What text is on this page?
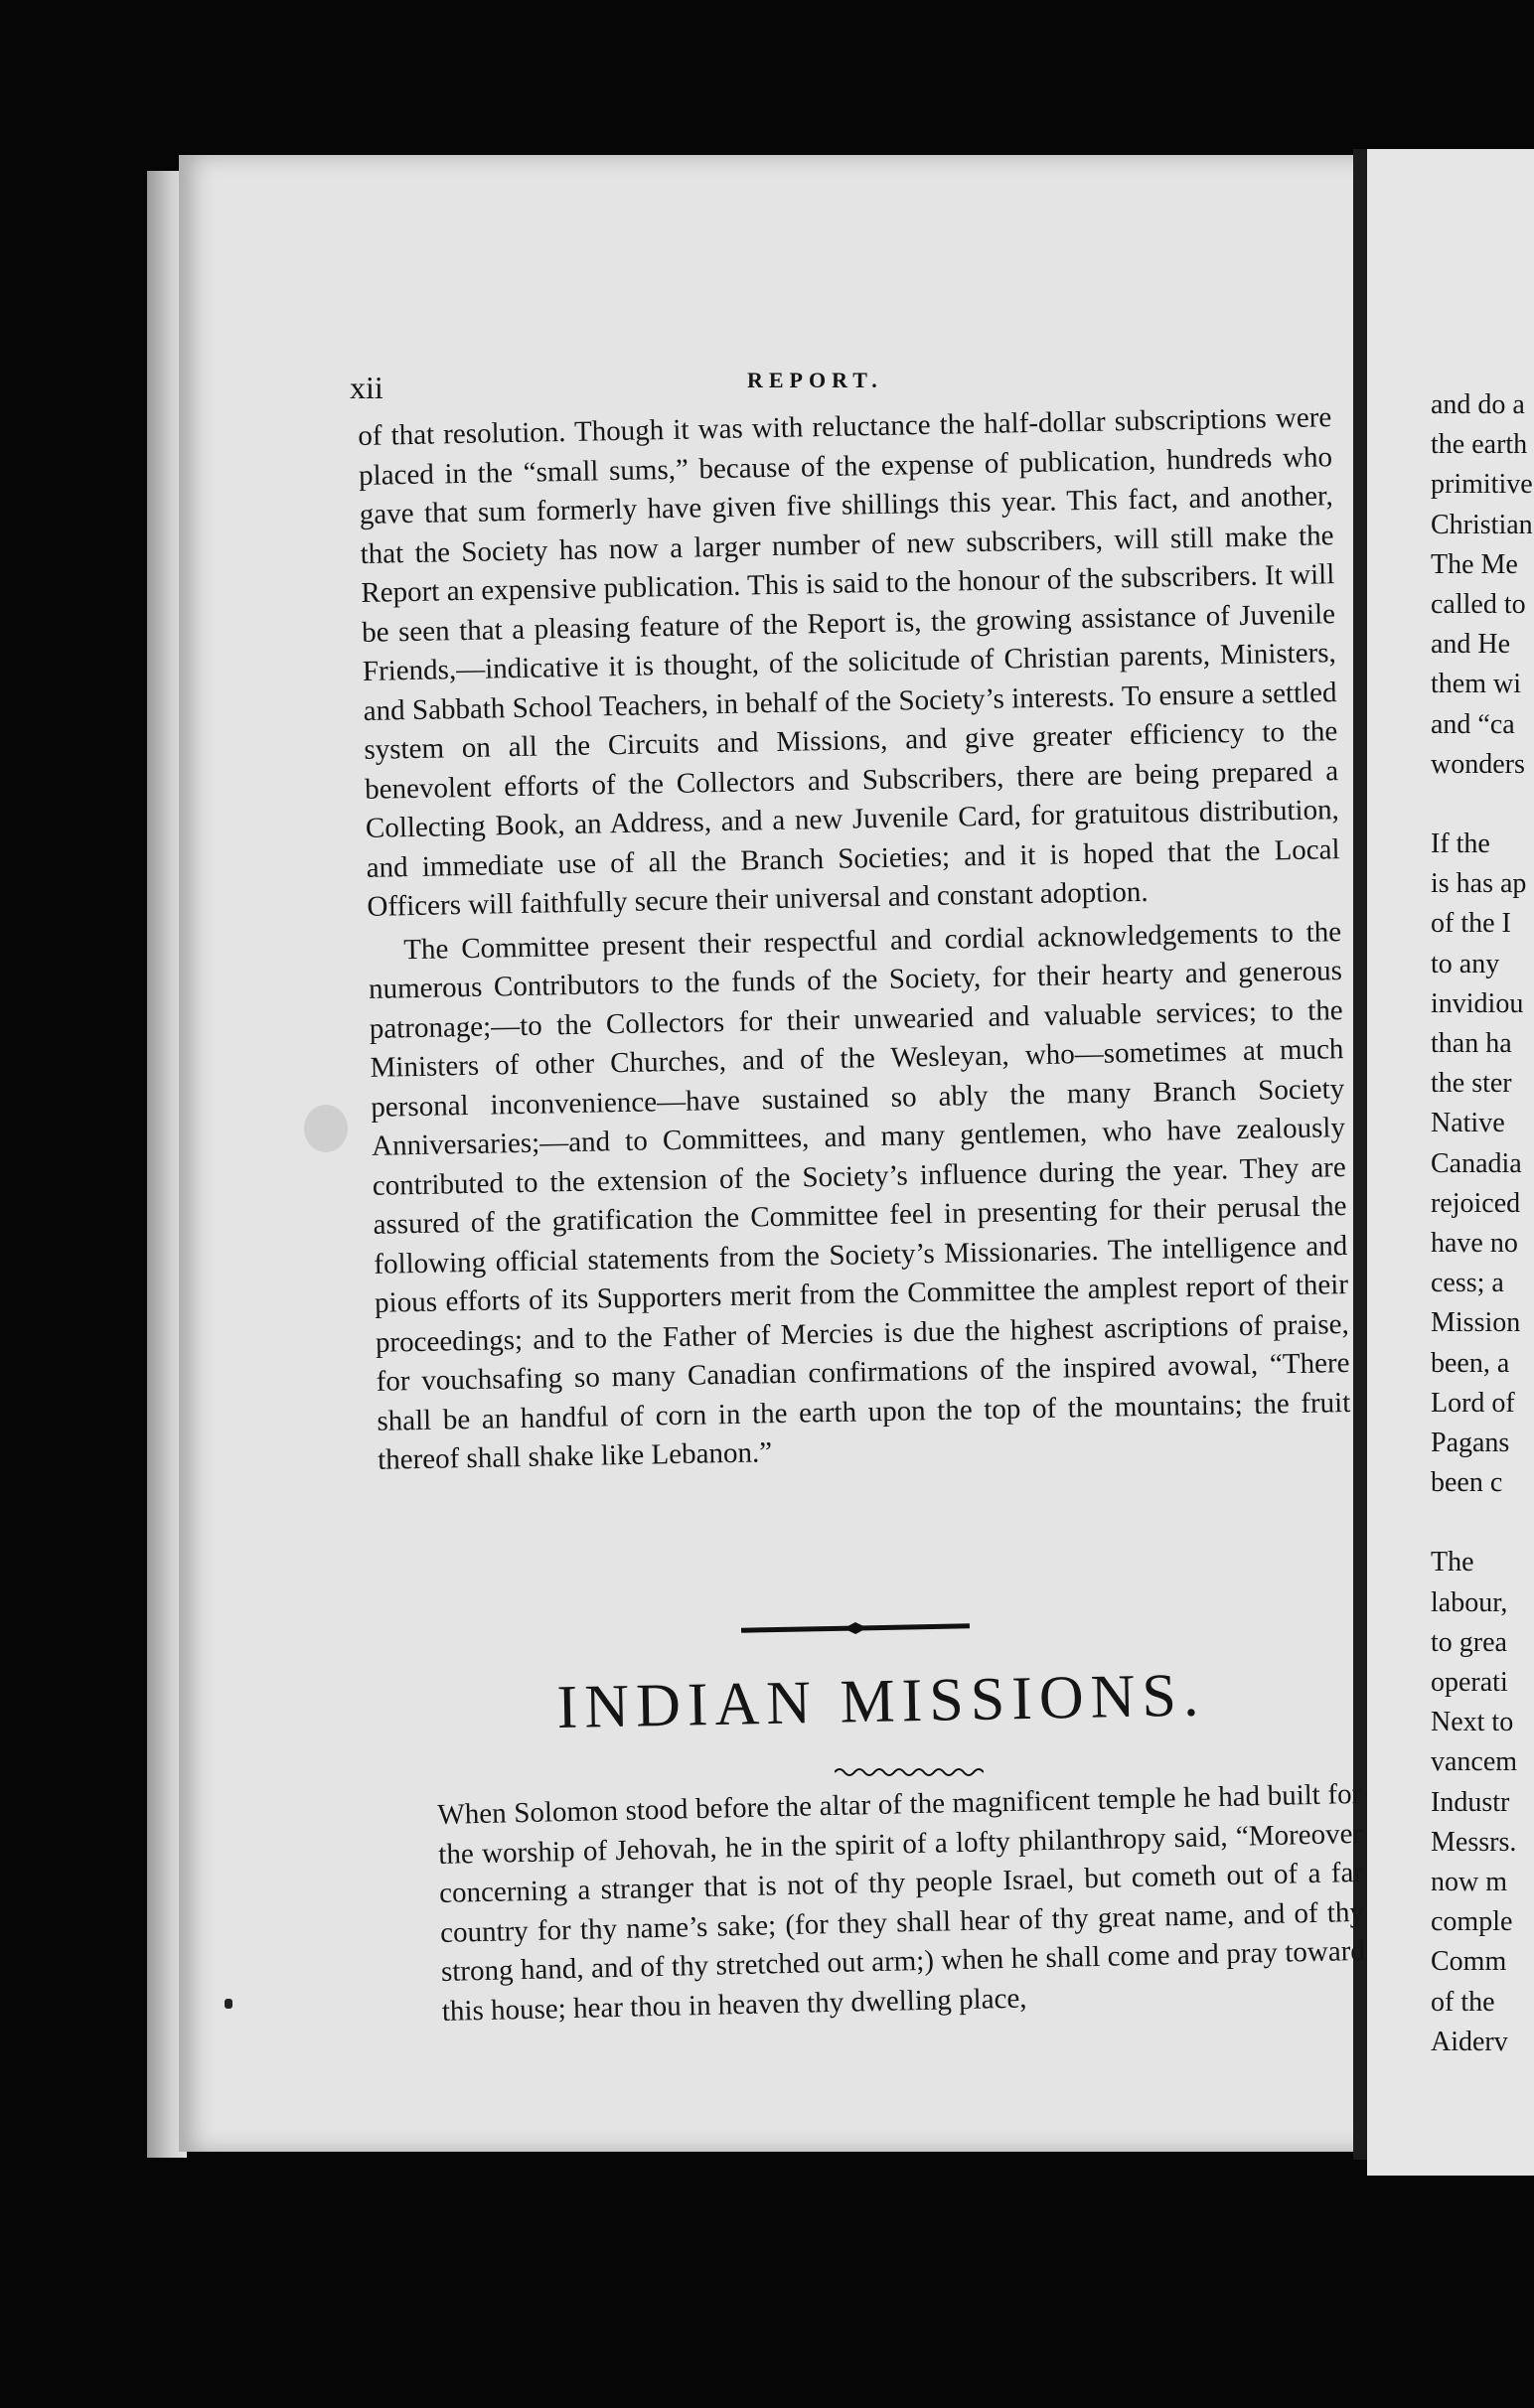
xii	REPORT.

of that resolution. Though it was with reluctance the half-dollar subscriptions were placed in the “small sums,” because of the expense of publication, hundreds who gave that sum formerly have given five shillings this year. This fact, and another, that the Society has now a larger number of new subscribers, will still make the Report an expensive publication. This is said to the honour of the subscribers. It will be seen that a pleasing feature of the Report is, the growing assistance of Juvenile Friends,—indicative it is thought, of the solicitude of Christian parents, Ministers, and Sabbath School Teachers, in behalf of the Society’s interests. To ensure a settled system on all the Circuits and Missions, and give greater efficiency to the benevolent efforts of the Collectors and Subscribers, there are being prepared a Collecting Book, an Address, and a new Juvenile Card, for gratuitous distribution, and immediate use of all the Branch Societies; and it is hoped that the Local Officers will faithfully secure their universal and constant adoption.

The Committee present their respectful and cordial acknowledgements to the numerous Contributors to the funds of the Society, for their hearty and generous patronage;—to the Collectors for their unwearied and valuable services; to the Ministers of other Churches, and of the Wesleyan, who—sometimes at much personal inconvenience—have sustained so ably the many Branch Society Anniversaries;—and to Committees, and many gentlemen, who have zealously contributed to the extension of the Society’s influence during the year. They are assured of the gratification the Committee feel in presenting for their perusal the following official statements from the Society’s Missionaries. The intelligence and pious efforts of its Supporters merit from the Committee the amplest report of their proceedings; and to the Father of Mercies is due the highest ascriptions of praise, for vouchsafing so many Canadian confirmations of the inspired avowal, “There shall be an handful of corn in the earth upon the top of the mountains; the fruit thereof shall shake like Lebanon.”

INDIAN MISSIONS.

When Solomon stood before the altar of the magnificent temple he had built for the worship of Jehovah, he in the spirit of a lofty philanthropy said, “Moreover concerning a stranger that is not of thy people Israel, but cometh out of a far country for thy name’s sake; (for they shall hear of thy great name, and of thy strong hand, and of thy stretched out arm;) when he shall come and pray toward this house; hear thou in heaven thy dwelling place,

and do a
the earth
primitive
Christian
The Me
called to
and He
them wi
and “ca
wonders
If the
is has ap
of the I
to any
invidiou
than ha
the ster
Native
Canadia
rejoiced
have no
cess; a
Mission
been, a
Lord of
Pagans
been c
The
labour,
to grea
operati
Next to
vancem
Industr
Messrs.
now m
comple
Comm
of the
Aiderv
